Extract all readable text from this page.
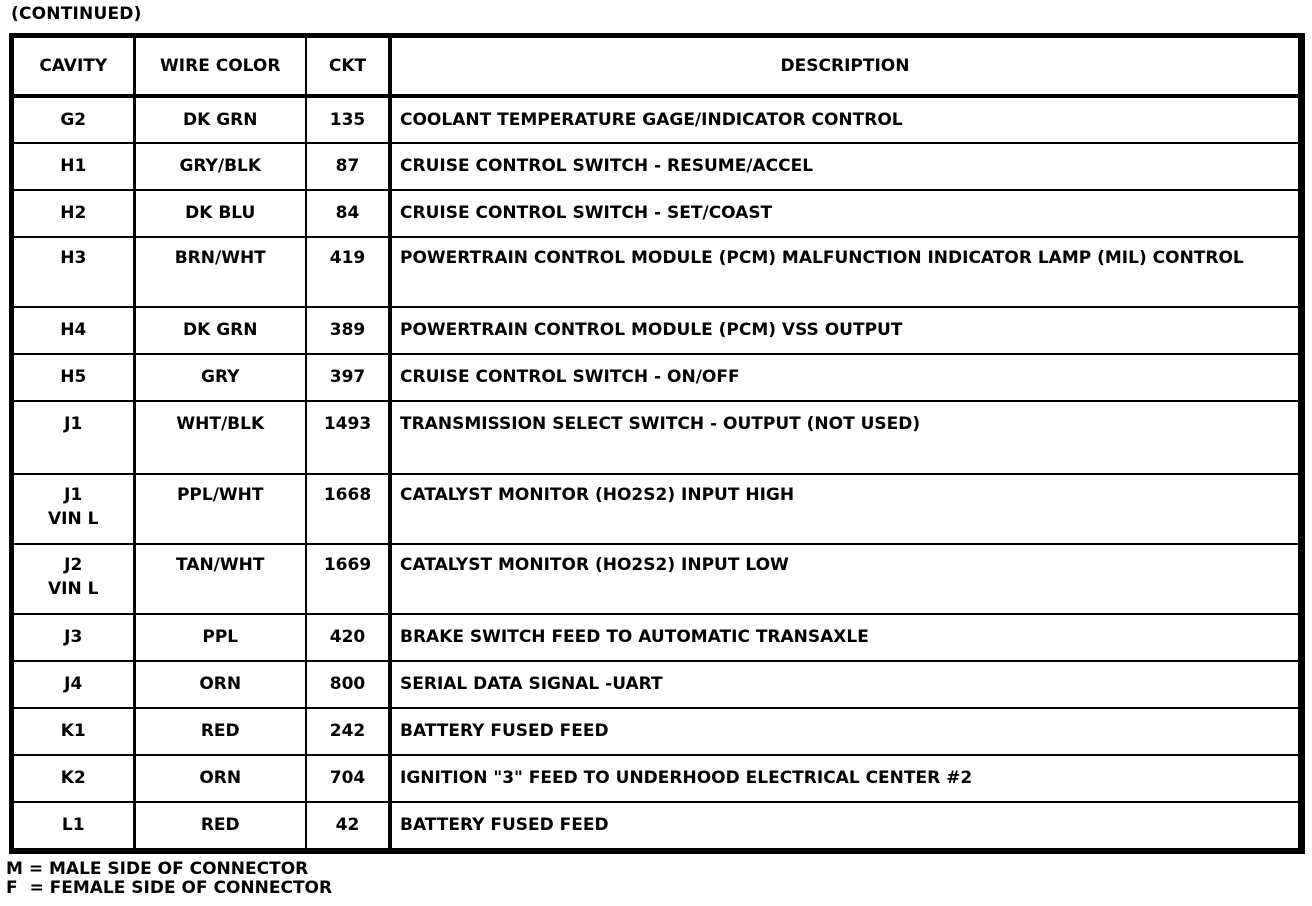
(CONTINUED)
CAVITY	WIRE COLOR	CKT	DESCRIPTION

G2	DK GRN	135	COOLANT TEMPERATURE GAGE/INDICATOR CONTROL

H1	GRY/BLK	87	CRUISE CONTROL SWITCH - RESUME/ACCEL

H2	DK BLU	84	CRUISE CONTROL SWITCH - SET/COAST

H3	BRN/WHT	419	POWERTRAIN CONTROL MODULE (PCM) MALFUNCTION INDICATOR LAMP (MIL) CONTROL

H4	DK GRN	389	POWERTRAIN CONTROL MODULE (PCM) VSS OUTPUT

H5	GRY	397	CRUISE CONTROL SWITCH - ON/OFF

J1	WHT/BLK	1493	TRANSMISSION SELECT SWITCH - OUTPUT (NOT USED)

J1
VIN L	PPL/WHT	1668	CATALYST MONITOR (HO2S2) INPUT HIGH

J2
VIN L	TAN/WHT	1669	CATALYST MONITOR (HO2S2) INPUT LOW

J3	PPL	420	BRAKE SWITCH FEED TO AUTOMATIC TRANSAXLE

J4	ORN	800	SERIAL DATA SIGNAL -UART

K1	RED	242	BATTERY FUSED FEED

K2	ORN	704	IGNITION "3" FEED TO UNDERHOOD ELECTRICAL CENTER #2

L1	RED	42	BATTERY FUSED FEED
M = MALE SIDE OF CONNECTOR
F  = FEMALE SIDE OF CONNECTOR
